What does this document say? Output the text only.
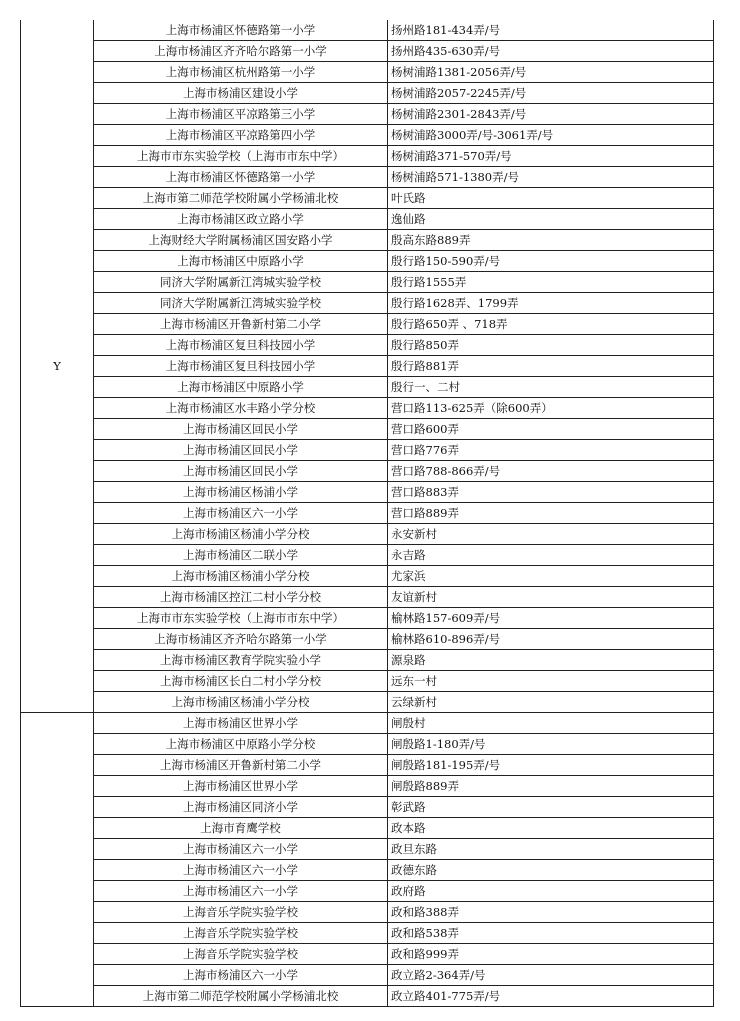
Y	上海市杨浦区怀德路第一小学	扬州路181-434弄/号
	上海市杨浦区齐齐哈尔路第一小学	扬州路435-630弄/号
	上海市杨浦区杭州路第一小学	杨树浦路1381-2056弄/号
	上海市杨浦区建设小学	杨树浦路2057-2245弄/号
	上海市杨浦区平凉路第三小学	杨树浦路2301-2843弄/号
	上海市杨浦区平凉路第四小学	杨树浦路3000弄/号-3061弄/号
	上海市市东实验学校（上海市市东中学）	杨树浦路371-570弄/号
	上海市杨浦区怀德路第一小学	杨树浦路571-1380弄/号
	上海市第二师范学校附属小学杨浦北校	叶氏路
	上海市杨浦区政立路小学	逸仙路
	上海财经大学附属杨浦区国安路小学	殷高东路889弄
	上海市杨浦区中原路小学	殷行路150-590弄/号
	同济大学附属新江湾城实验学校	殷行路1555弄
	同济大学附属新江湾城实验学校	殷行路1628弄、1799弄
	上海市杨浦区开鲁新村第二小学	殷行路650弄 、718弄
	上海市杨浦区复旦科技园小学	殷行路850弄
	上海市杨浦区复旦科技园小学	殷行路881弄
	上海市杨浦区中原路小学	殷行一、二村
	上海市杨浦区水丰路小学分校	营口路113-625弄（除600弄）
	上海市杨浦区回民小学	营口路600弄
	上海市杨浦区回民小学	营口路776弄
	上海市杨浦区回民小学	营口路788-866弄/号
	上海市杨浦区杨浦小学	营口路883弄
	上海市杨浦区六一小学	营口路889弄
	上海市杨浦区杨浦小学分校	永安新村
	上海市杨浦区二联小学	永吉路
	上海市杨浦区杨浦小学分校	尤家浜
	上海市杨浦区控江二村小学分校	友谊新村
	上海市市东实验学校（上海市市东中学）	榆林路157-609弄/号
	上海市杨浦区齐齐哈尔路第一小学	榆林路610-896弄/号
	上海市杨浦区教育学院实验小学	源泉路
	上海市杨浦区长白二村小学分校	远东一村
	上海市杨浦区杨浦小学分校	云绿新村
	上海市杨浦区世界小学	闸殷村
	上海市杨浦区中原路小学分校	闸殷路1-180弄/号
	上海市杨浦区开鲁新村第二小学	闸殷路181-195弄/号
	上海市杨浦区世界小学	闸殷路889弄
	上海市杨浦区同济小学	彰武路
	上海市育鹰学校	政本路
	上海市杨浦区六一小学	政旦东路
	上海市杨浦区六一小学	政德东路
	上海市杨浦区六一小学	政府路
	上海音乐学院实验学校	政和路388弄
	上海音乐学院实验学校	政和路538弄
	上海音乐学院实验学校	政和路999弄
	上海市杨浦区六一小学	政立路2-364弄/号
	上海市第二师范学校附属小学杨浦北校	政立路401-775弄/号
